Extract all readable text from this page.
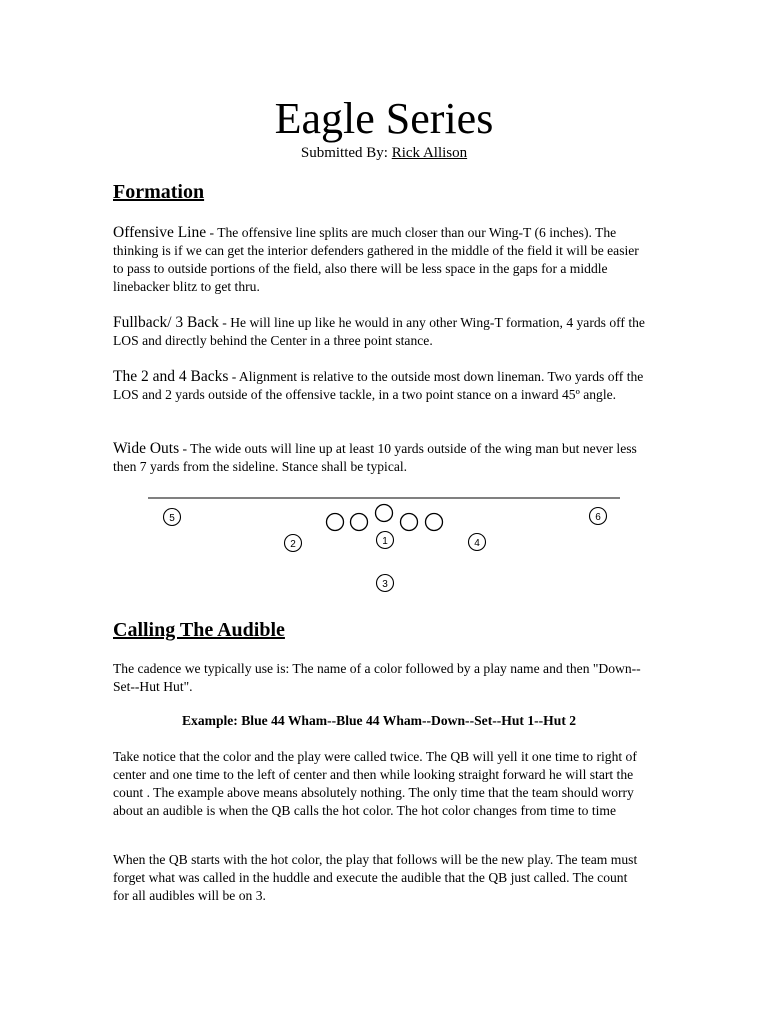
5	6
2	1	4
3
Eagle Series
Submitted By: Rick Allison
Formation

Offensive Line - The offensive line splits are much closer than our Wing-T (6 inches). The thinking is if we can get the interior defenders gathered in the middle of the field it will be easier to pass to outside portions of the field, also there will be less space in the gaps for a middle linebacker blitz to get thru.

Fullback/ 3 Back - He will line up like he would in any other Wing-T formation, 4 yards off the LOS and directly behind the Center in a three point stance.

The 2 and 4 Backs - Alignment is relative to the outside most down lineman. Two yards off the LOS and 2 yards outside of the offensive tackle, in a two point stance on a inward 45º angle.

Wide Outs - The wide outs will line up at least 10 yards outside of the wing man but never less then 7 yards from the sideline. Stance shall be typical.

Calling The Audible

The cadence we typically use is: The name of a color followed by a play name and then "Down--Set--Hut Hut".

Example: Blue 44 Wham--Blue 44 Wham--Down--Set--Hut 1--Hut 2

Take notice that the color and the play were called twice. The QB will yell it one time to right of center and one time to the left of center and then while looking straight forward he will start the count . The example above means absolutely nothing. The only time that the team should worry about an audible is when the QB calls the hot color. The hot color changes from time to time

When the QB starts with the hot color, the play that follows will be the new play. The team must forget what was called in the huddle and execute the audible that the QB just called. The count for all audibles will be on 3.
